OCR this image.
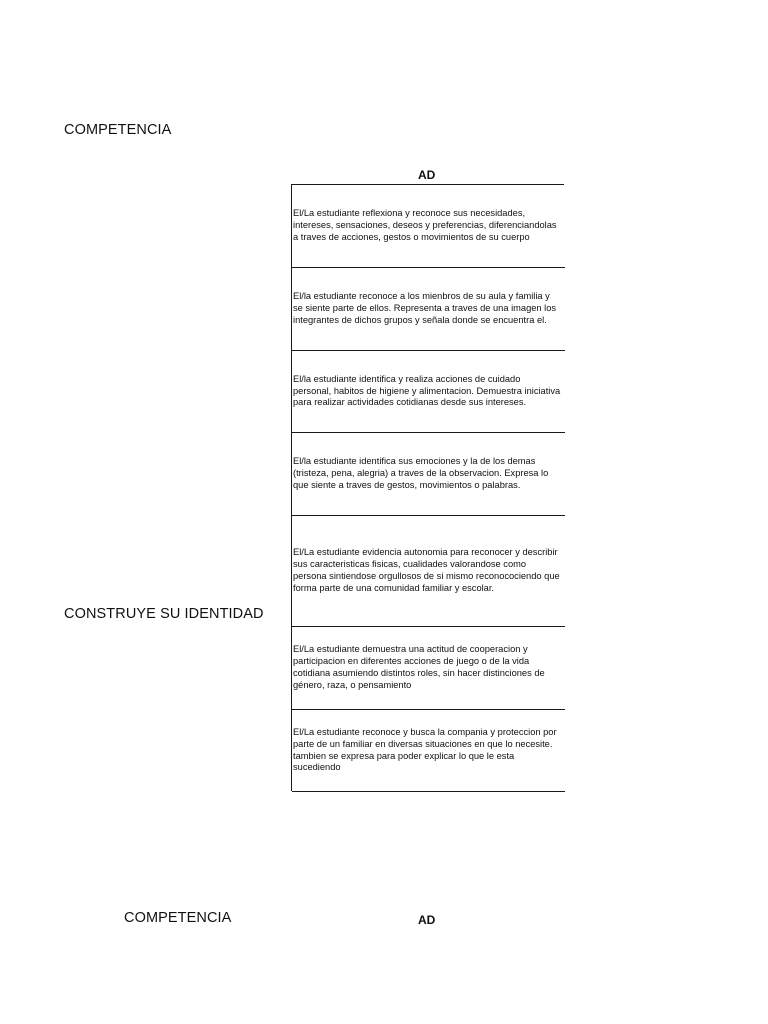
COMPETENCIA
AD
CONSTRUYE SU IDENTIDAD
El/La estudiante reflexiona y reconoce sus necesidades, intereses, sensaciones, deseos y preferencias, diferenciandolas a traves de acciones, gestos o movimientos de su cuerpo
El/la estudiante reconoce a los mienbros de su aula y familia y se siente parte de ellos. Representa a traves de una imagen los integrantes de dichos grupos y señala donde se encuentra el.
El/la estudiante identifica y realiza acciones de cuidado personal, habitos de higiene y alimentacion. Demuestra iniciativa para realizar actividades cotidianas desde sus intereses.
El/la estudiante identifica sus emociones y la de los demas (tristeza, pena, alegria) a traves de la observacion. Expresa lo que siente a traves de gestos, movimientos o palabras.
El/La estudiante evidencia autonomia para reconocer y describir sus caracteristicas fisicas, cualidades valorandose como persona sintiendose orgullosos de si mismo reconocociendo que forma parte de una comunidad familiar y escolar.
El/La estudiante demuestra una actitud de cooperacion y participacion en diferentes acciones de juego o de la vida cotidiana asumiendo distintos roles, sin hacer distinciones de género, raza, o pensamiento
El/La estudiante reconoce y busca la compania y proteccion por parte de un familiar en diversas situaciones en que lo necesite. tambien se expresa para poder explicar lo que le esta sucediendo
COMPETENCIA	AD
